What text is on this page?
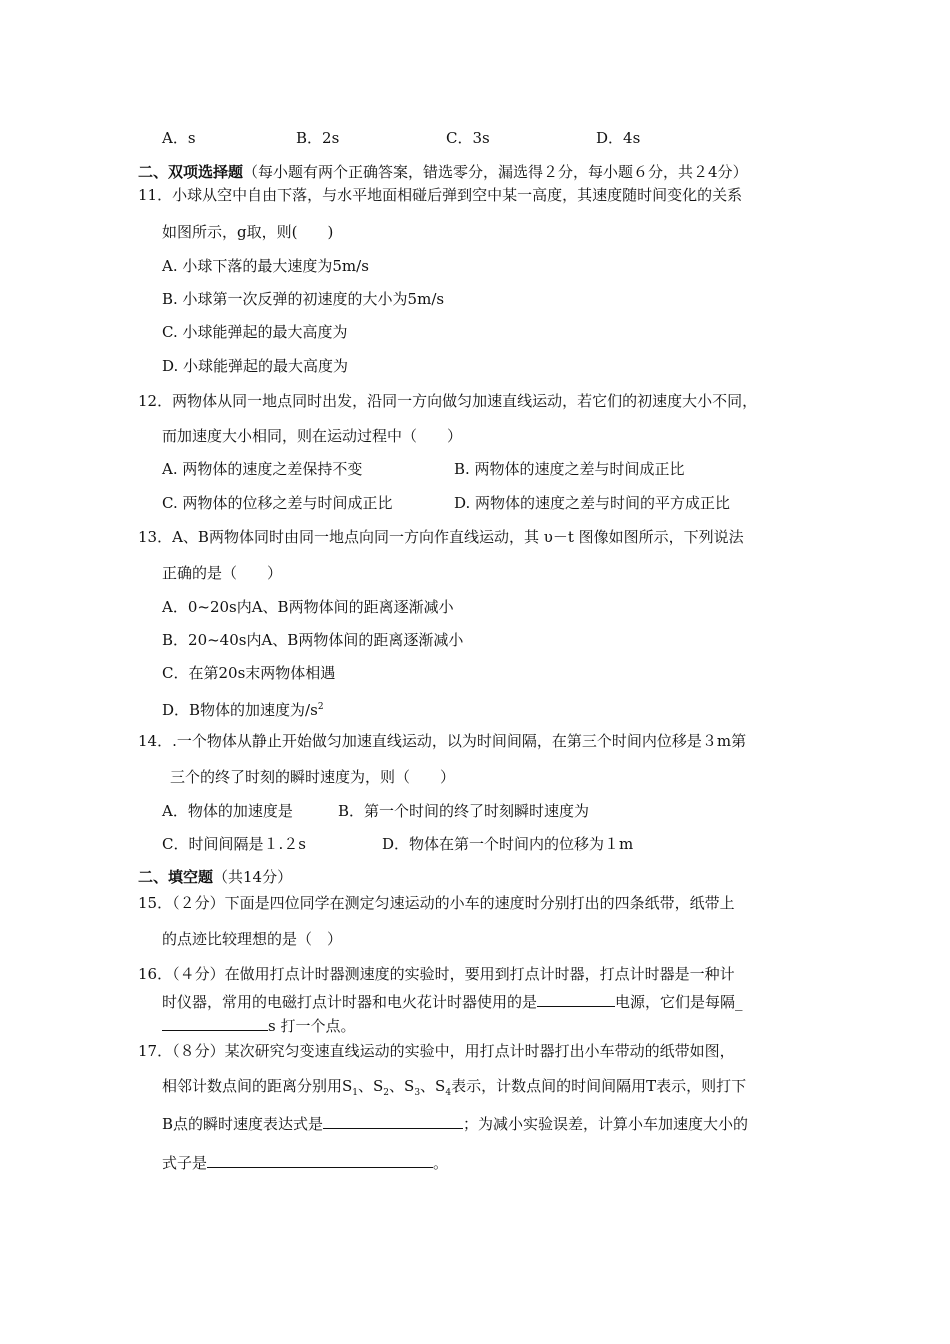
A．s	B．2s	C．3s	D．4s
二、双项选择题（每小题有两个正确答案，错选零分，漏选得２分，每小题６分，共２4分）
11．小球从空中自由下落，与水平地面相碰后弹到空中某一高度，其速度随时间变化的关系
如图所示，g取，则(　　)
A. 小球下落的最大速度为5m/s
B. 小球第一次反弹的初速度的大小为5m/s
C. 小球能弹起的最大高度为
D. 小球能弹起的最大高度为
12．两物体从同一地点同时出发，沿同一方向做匀加速直线运动，若它们的初速度大小不同，
而加速度大小相同，则在运动过程中（　　）
A. 两物体的速度之差保持不变	B. 两物体的速度之差与时间成正比
C. 两物体的位移之差与时间成正比	D. 两物体的速度之差与时间的平方成正比
13．A、B两物体同时由同一地点向同一方向作直线运动，其 υ－t 图像如图所示，下列说法
正确的是（　　）
A．0~20s内A、B两物体间的距离逐渐减小
B．20~40s内A、B两物体间的距离逐渐减小
C．在第20s末两物体相遇
D．B物体的加速度为$/s^2$
14．.一个物体从静止开始做匀加速直线运动，以为时间间隔，在第三个时间内位移是３m第
三个的终了时刻的瞬时速度为，则（　　）
A．物体的加速度是	B．第一个时间的终了时刻瞬时速度为
C．时间间隔是１.２s	D．物体在第一个时间内的位移为１m
二、填空题（共14分）
15．（２分）下面是四位同学在测定匀速运动的小车的速度时分别打出的四条纸带，纸带上
的点迹比较理想的是（　）
16．（４分）在做用打点计时器测速度的实验时，要用到打点计时器，打点计时器是一种计
时仪器，常用的电磁打点计时器和电火花计时器使用的是	电源，它们是每隔_
s 打一个点。
17．（８分）某次研究匀变速直线运动的实验中，用打点计时器打出小车带动的纸带如图，
相邻计数点间的距离分别用$S_1$、$S_2$、$S_3$、$S_4$表示，计数点间的时间间隔用T表示，则打下
B点的瞬时速度表达式是	；为减小实验误差，计算小车加速度大小的
式子是	。
